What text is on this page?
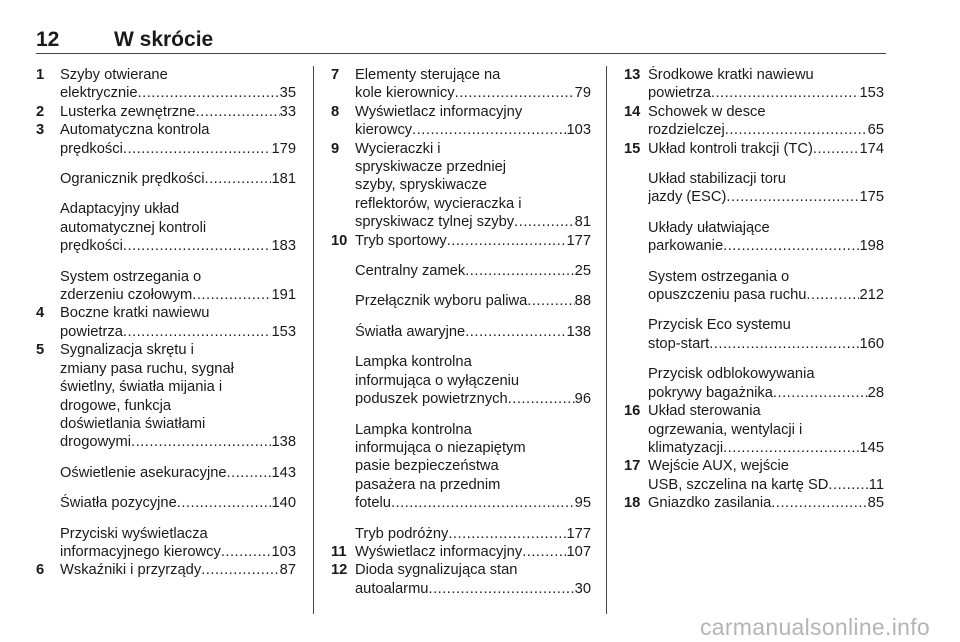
12	W skrócie
1 Szyby otwierane
elektrycznie .....	35
2 Lusterka zewnętrzne .....	33
3 Automatyczna kontrola
prędkości .....	179
Ogranicznik prędkości .....	181
Adaptacyjny układ
automatycznej kontroli
prędkości .....	183
System ostrzegania o
zderzeniu czołowym .....	191
4 Boczne kratki nawiewu
powietrza .....	153
5 Sygnalizacja skrętu i
zmiany pasa ruchu, sygnał
świetlny, światła mijania i
drogowe, funkcja
doświetlania światłami
drogowymi .....	138
Oświetlenie asekuracyjne .....	143
Światła pozycyjne .....	140
Przyciski wyświetlacza
informacyjnego kierowcy .....	103
6 Wskaźniki i przyrządy .....	87
7 Elementy sterujące na
kole kierownicy .....	79
8 Wyświetlacz informacyjny
kierowcy .....	103
9 Wycieraczki i
spryskiwacze przedniej
szyby, spryskiwacze
reflektorów, wycieraczka i
spryskiwacz tylnej szyby .....	81
10 Tryb sportowy .....	177
Centralny zamek .....	25
Przełącznik wyboru paliwa .....	88
Światła awaryjne .....	138
Lampka kontrolna
informująca o wyłączeniu
poduszek powietrznych .....	96
Lampka kontrolna
informująca o niezapiętym
pasie bezpieczeństwa
pasażera na przednim
fotelu .....	95
Tryb podróżny .....	177
11 Wyświetlacz informacyjny .....	107
12 Dioda sygnalizująca stan
autoalarmu .....	30
13 Środkowe kratki nawiewu
powietrza .....	153
14 Schowek w desce
rozdzielczej .....	65
15 Układ kontroli trakcji (TC) .....	174
Układ stabilizacji toru
jazdy (ESC) .....	175
Układy ułatwiające
parkowanie .....	198
System ostrzegania o
opuszczeniu pasa ruchu .....	212
Przycisk Eco systemu
stop-start .....	160
Przycisk odblokowywania
pokrywy bagażnika .....	28
16 Układ sterowania
ogrzewania, wentylacji i
klimatyzacji .....	145
17 Wejście AUX, wejście
USB, szczelina na kartę SD .....	11
18 Gniazdko zasilania .....	85
carmanualsonline.info
